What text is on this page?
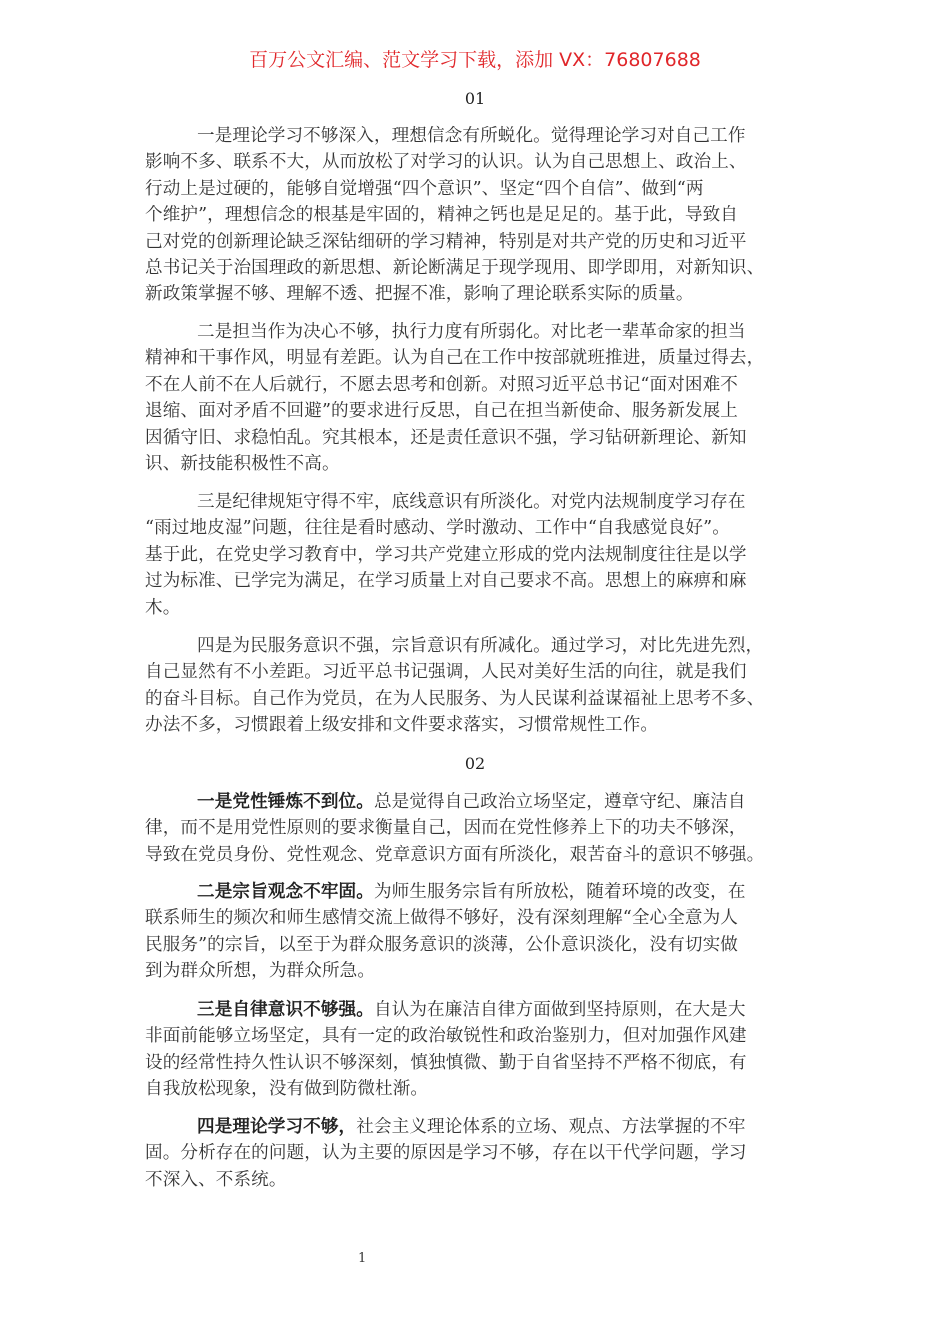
百万公文汇编、范文学习下载，添加 VX：76807688
01
02
一是理论学习不够深入，理想信念有所蜕化。觉得理论学习对自己工作
影响不多、联系不大，从而放松了对学习的认识。认为自己思想上、政治上、
行动上是过硬的，能够自觉增强“四个意识”、坚定“四个自信”、做到“两
个维护”，理想信念的根基是牢固的，精神之钙也是足足的。基于此，导致自
己对党的创新理论缺乏深钻细研的学习精神，特别是对共产党的历史和习近平
总书记关于治国理政的新思想、新论断满足于现学现用、即学即用，对新知识、
新政策掌握不够、理解不透、把握不准，影响了理论联系实际的质量。
二是担当作为决心不够，执行力度有所弱化。对比老一辈革命家的担当
精神和干事作风，明显有差距。认为自己在工作中按部就班推进，质量过得去，
不在人前不在人后就行，不愿去思考和创新。对照习近平总书记“面对困难不
退缩、面对矛盾不回避”的要求进行反思，自己在担当新使命、服务新发展上
因循守旧、求稳怕乱。究其根本，还是责任意识不强，学习钻研新理论、新知
识、新技能积极性不高。
三是纪律规矩守得不牢，底线意识有所淡化。对党内法规制度学习存在
“雨过地皮湿”问题，往往是看时感动、学时激动、工作中“自我感觉良好”。
基于此，在党史学习教育中，学习共产党建立形成的党内法规制度往往是以学
过为标准、已学完为满足，在学习质量上对自己要求不高。思想上的麻痹和麻
木。
四是为民服务意识不强，宗旨意识有所减化。通过学习，对比先进先烈，
自己显然有不小差距。习近平总书记强调，人民对美好生活的向往，就是我们
的奋斗目标。自己作为党员，在为人民服务、为人民谋利益谋福祉上思考不多、
办法不多，习惯跟着上级安排和文件要求落实，习惯常规性工作。
一是党性锤炼不到位。总是觉得自己政治立场坚定，遵章守纪、廉洁自
律，而不是用党性原则的要求衡量自己，因而在党性修养上下的功夫不够深，
导致在党员身份、党性观念、党章意识方面有所淡化，艰苦奋斗的意识不够强。
二是宗旨观念不牢固。为师生服务宗旨有所放松，随着环境的改变，在
联系师生的频次和师生感情交流上做得不够好，没有深刻理解“全心全意为人
民服务”的宗旨，以至于为群众服务意识的淡薄，公仆意识淡化，没有切实做
到为群众所想，为群众所急。
三是自律意识不够强。自认为在廉洁自律方面做到坚持原则，在大是大
非面前能够立场坚定，具有一定的政治敏锐性和政治鉴别力，但对加强作风建
设的经常性持久性认识不够深刻，慎独慎微、勤于自省坚持不严格不彻底，有
自我放松现象，没有做到防微杜渐。
四是理论学习不够，社会主义理论体系的立场、观点、方法掌握的不牢
固。分析存在的问题，认为主要的原因是学习不够，存在以干代学问题，学习
不深入、不系统。
1
